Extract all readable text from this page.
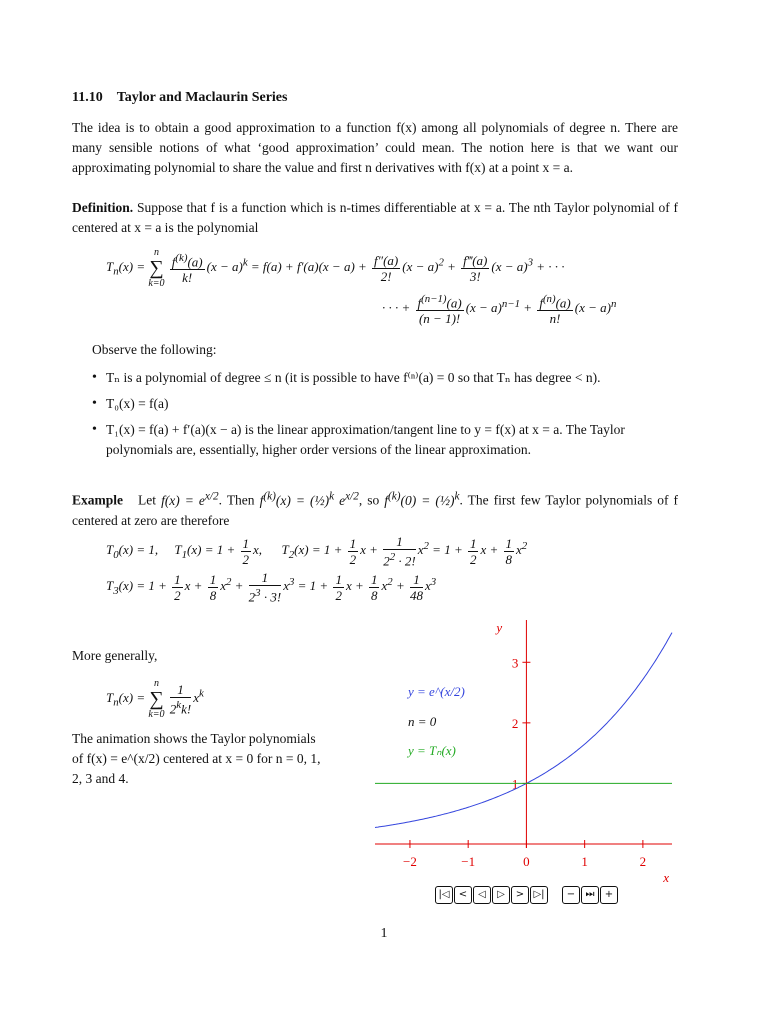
11.10 Taylor and Maclaurin Series
The idea is to obtain a good approximation to a function f(x) among all polynomials of degree n. There are many sensible notions of what ‘good approximation’ could mean. The notion here is that we want our approximating polynomial to share the value and first n derivatives with f(x) at a point x = a.
Definition. Suppose that f is a function which is n-times differentiable at x = a. The nth Taylor polynomial of f centered at x = a is the polynomial
$T_n(x)$ =
n
∑
k=0
$\frac{f^{(k)}(a)}{k!} (x - a)^k = f(a) + f'(a)(x - a) + \frac{f''(a)}{2!} (x - a)^2 + \frac{f‴(a)}{3!} (x - a)^3$ + · · ·
· · · + $\frac{f^{(n-1)}(a)}{(n - 1)!} (x - a)^{n-1} + \frac{f^{(n)}(a)}{n!} (x - a)^n$
Observe the following:
• Tₙ is a polynomial of degree ≤ n (it is possible to have f⁽ⁿ⁾(a) = 0 so that Tₙ has degree < n).
• T₀(x) = f(a)
• T₁(x) = f(a) + f′(a)(x − a) is the linear approximation/tangent line to y = f(x) at x = a. The Taylor polynomials are, essentially, higher order versions of the linear approximation.
Example   Let $f(x) = e^{x/2}$. Then $f^{(k)}(x)$ = (½)$^k$ $e^{x/2}$, so $f^{(k)}(0)$ = (½)$^k$. The first few Taylor polynomials of f centered at zero are therefore
$T_0(x) = 1$,     $T_1(x) = 1 + \frac{1}{2} x$,      $T_2(x) = 1 + \frac{1}{2}$ $x + \frac{1}{2^2 \cdot 2!} x^2 = 1 + \frac{1}{2}$ $x + \frac{1}{8} x^2$
$T_3(x) = 1 + \frac{1}{2}$ $x + \frac{1}{8} x^2 + \frac{1}{2^3 \cdot 3!} x^3 = 1 + \frac{1}{2}$ $x + \frac{1}{8} x^2 + \frac{1}{48} x^3$
More generally,
$T_n(x)$ =
n
∑
k=0
$\frac{1}{2^kk!} x^k$
The animation shows the Taylor polynomials of f(x) = e^(x/2) centered at x = 0 for n = 0, 1, 2, 3 and 4.
−2	−1	0	1	2
1
2
3
y
x
y = e^(x/2)
n = 0
y = Tₙ(x)
|◁ <	◁	▷	> ▷|	−	⏭	+
1
